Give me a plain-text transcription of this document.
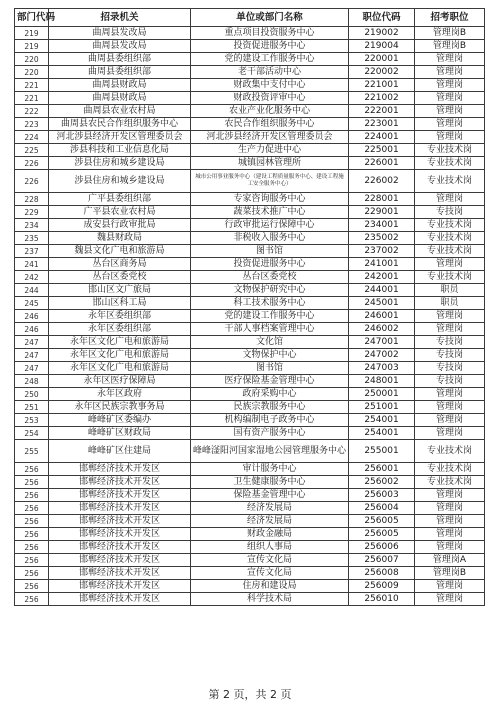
部门代码	招录机关	单位或部门名称	职位代码	招考职位
219	曲周县发改局	重点项目投资服务中心	219002	管理岗B
219	曲周县发改局	投资促进服务中心	219004	管理岗B
220	曲周县委组织部	党的建设工作服务中心	220001	管理岗
220	曲周县委组织部	老干部活动中心	220002	管理岗
221	曲周县财政局	财政集中支付中心	221001	管理岗
221	曲周县财政局	财政投资评审中心	221002	管理岗
222	曲周县农业农村局	农业产业化服务中心	222001	管理岗
223	曲周县农民合作组织服务中心	农民合作组织服务中心	223001	管理岗
224	河北涉县经济开发区管理委员会	河北涉县经济开发区管理委员会	224001	管理岗
225	涉县科技和工业信息化局	生产力促进中心	225001	专业技术岗
226	涉县住房和城乡建设局	城镇园林管理所	226001	专业技术岗
226	涉县住房和城乡建设局	城市公用事业服务中心（建设工程质量服务中心、建设工程施工安全服务中心）	226002	专业技术岗
228	广平县委组织部	专家咨询服务中心	228001	管理岗
229	广平县农业农村局	蔬菜技术推广中心	229001	专技岗
234	成安县行政审批局	行政审批运行保障中心	234001	专业技术岗
235	魏县财政局	非税收入服务中心	235002	专业技术岗
237	魏县文化广电和旅游局	图书馆	237002	专业技术岗
241	丛台区商务局	投资促进服务中心	241001	管理岗
242	丛台区委党校	丛台区委党校	242001	专业技术岗
244	邯山区文广旅局	文物保护研究中心	244001	职员
245	邯山区科工局	科工技术服务中心	245001	职员
246	永年区委组织部	党的建设工作服务中心	246001	管理岗
246	永年区委组织部	干部人事档案管理中心	246002	管理岗
247	永年区文化广电和旅游局	文化馆	247001	专技岗
247	永年区文化广电和旅游局	文物保护中心	247002	专技岗
247	永年区文化广电和旅游局	图书馆	247003	专技岗
248	永年区医疗保障局	医疗保险基金管理中心	248001	专技岗
250	永年区政府	政府采购中心	250001	管理岗
251	永年区民族宗教事务局	民族宗教服务中心	251001	管理岗
253	峰峰矿区委编办	机构编制电子政务中心	254001	管理岗
254	峰峰矿区财政局	国有资产服务中心	254001	管理岗
255	峰峰矿区住建局	峰峰滏阳河国家湿地公园管理服务中心	255001	专业技术岗
256	邯郸经济技术开发区	审计服务中心	256001	专业技术岗
256	邯郸经济技术开发区	卫生健康服务中心	256002	专业技术岗
256	邯郸经济技术开发区	保险基金管理中心	256003	管理岗
256	邯郸经济技术开发区	经济发展局	256004	管理岗
256	邯郸经济技术开发区	经济发展局	256005	管理岗
256	邯郸经济技术开发区	财政金融局	256005	管理岗
256	邯郸经济技术开发区	组织人事局	256006	管理岗
256	邯郸经济技术开发区	宣传文化局	256007	管理岗A
256	邯郸经济技术开发区	宣传文化局	256008	管理岗B
256	邯郸经济技术开发区	住房和建设局	256009	管理岗
256	邯郸经济技术开发区	科学技术局	256010	管理岗
第 2 页，共 2 页
